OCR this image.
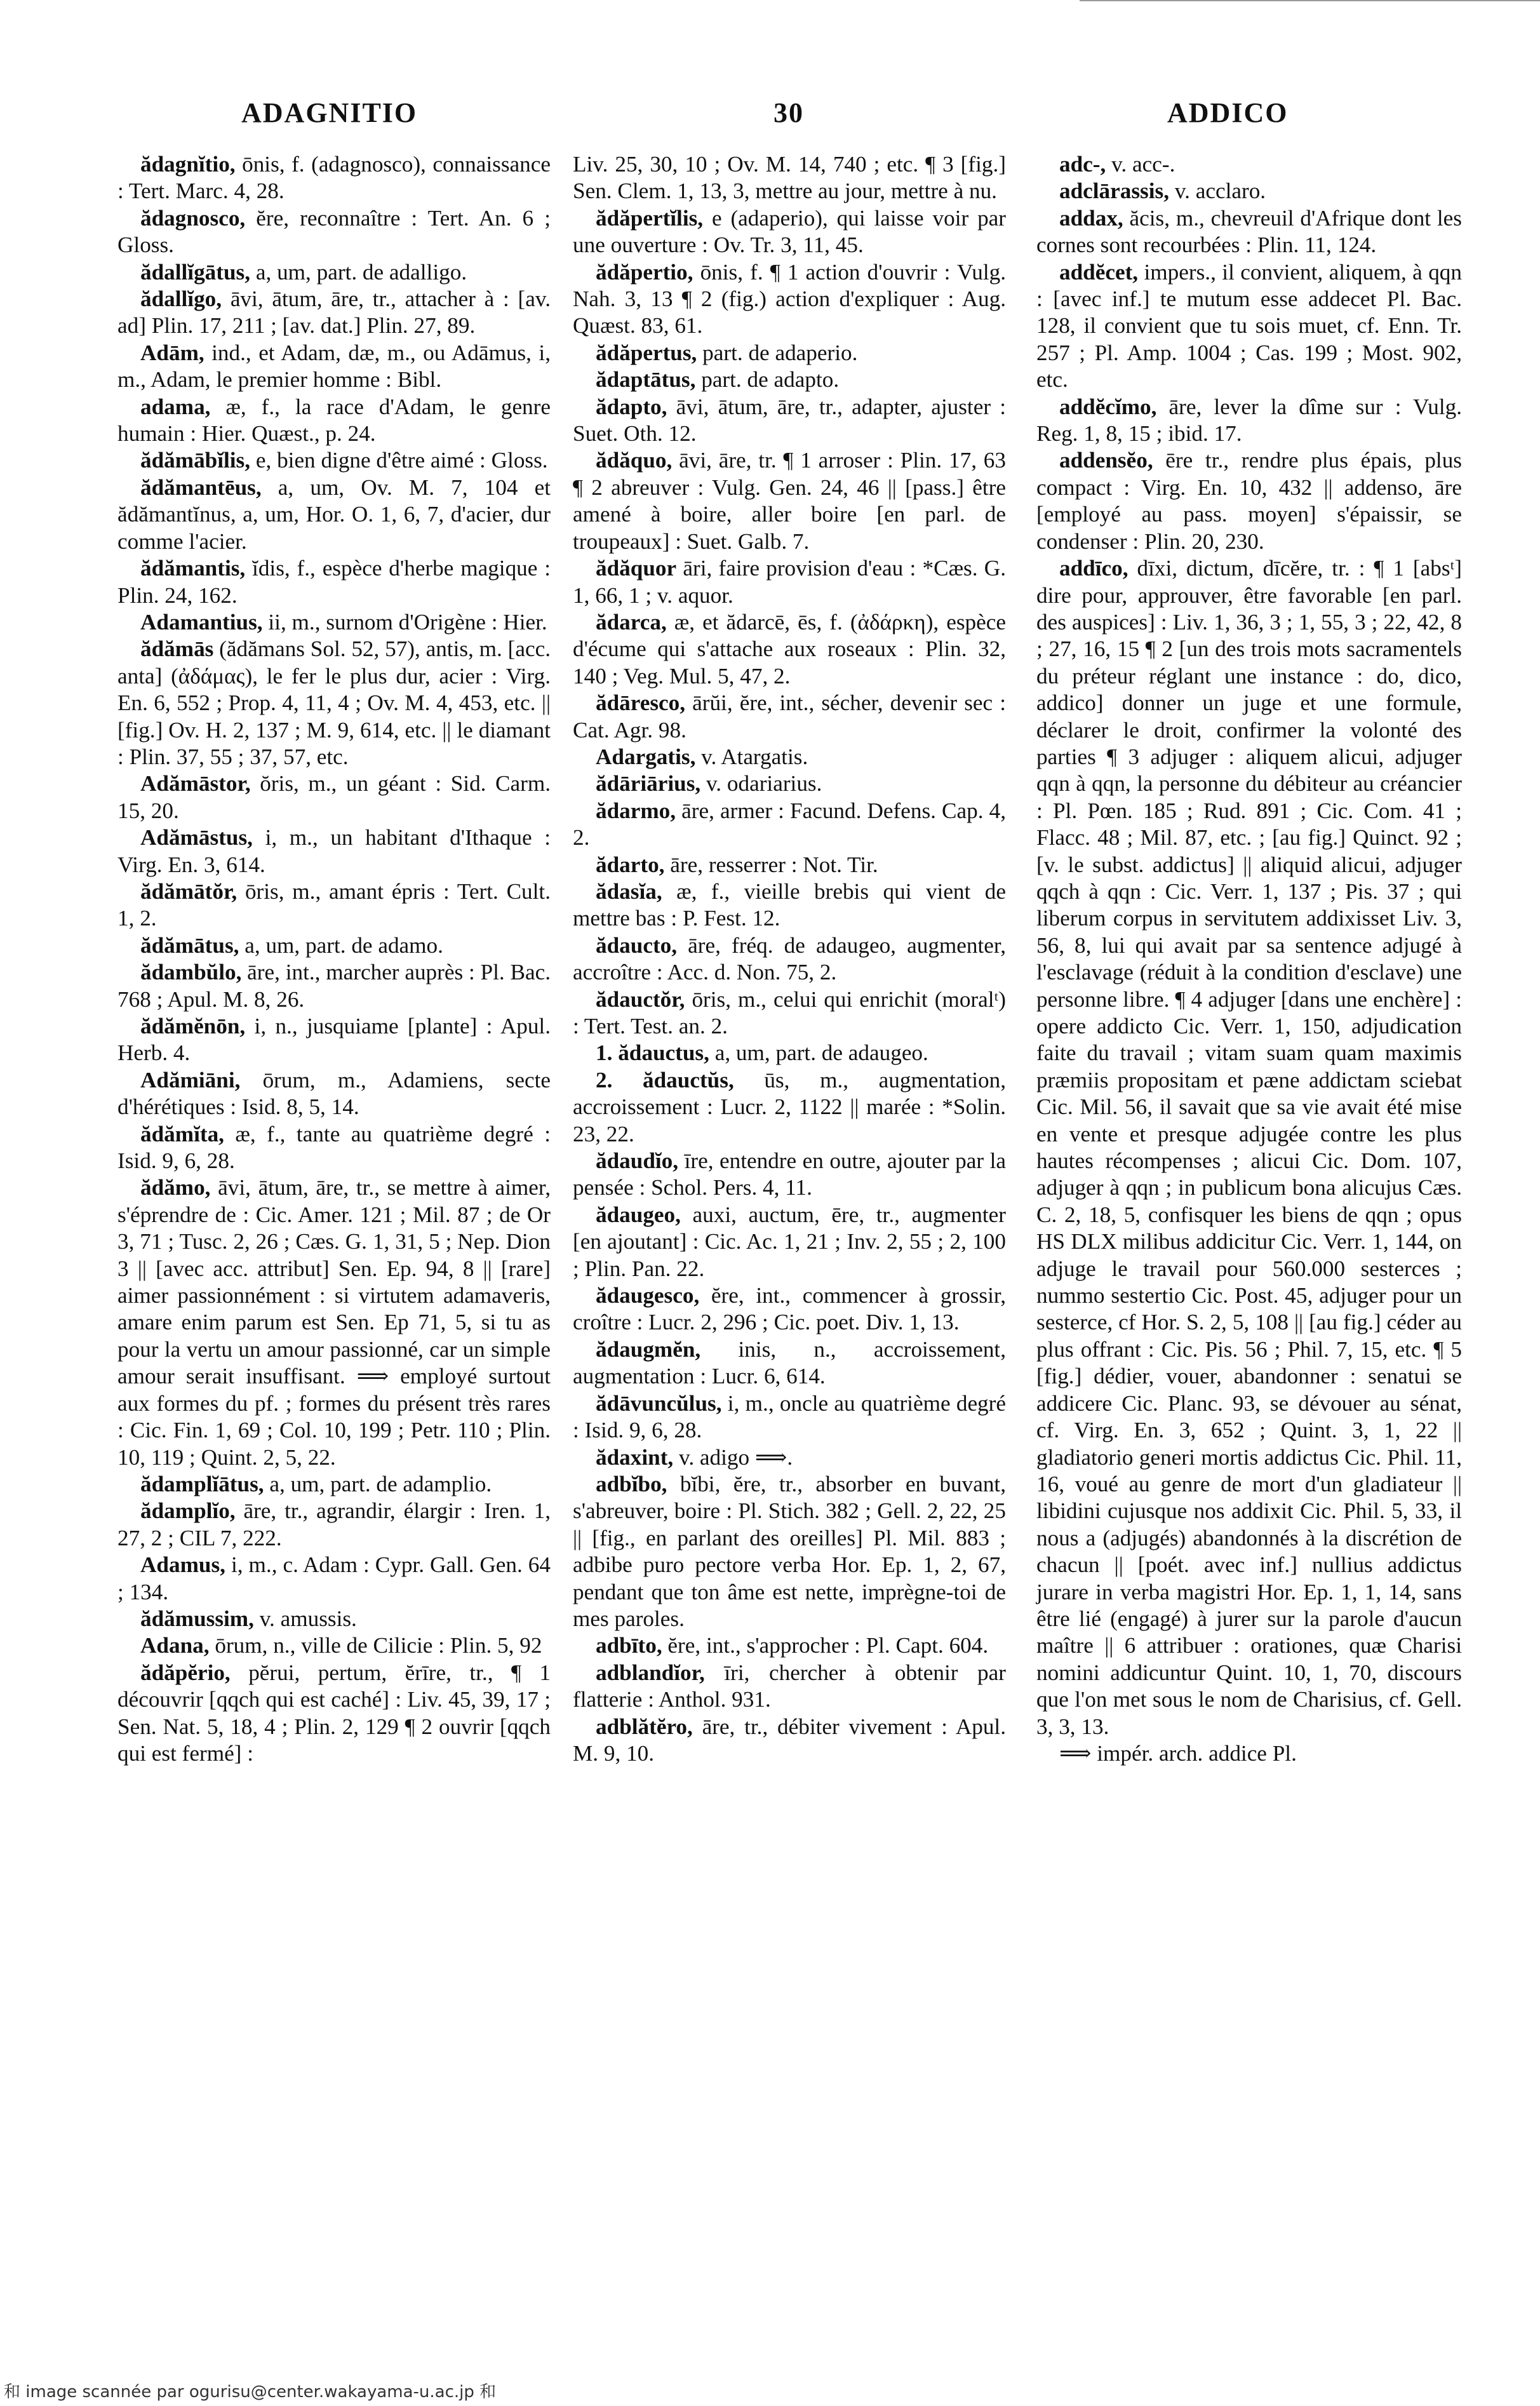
ADAGNITIO	30	ADDICO
ădagnĭtio, ōnis, f. (adagnosco), connaissance : Tert. Marc. 4, 28.
ădagnosco, ĕre, reconnaître : Tert. An. 6 ; Gloss.
ădallĭgātus, a, um, part. de adalligo.
ădallĭgo, āvi, ātum, āre, tr., attacher à : [av. ad] Plin. 17, 211 ; [av. dat.] Plin. 27, 89.
Adām, ind., et Adam, dæ, m., ou Adāmus, i, m., Adam, le premier homme : Bibl.
adama, æ, f., la race d'Adam, le genre humain : Hier. Quæst., p. 24.
ădămābĭlis, e, bien digne d'être aimé : Gloss.
ădămantēus, a, um, Ov. M. 7, 104 et ădămantĭnus, a, um, Hor. O. 1, 6, 7, d'acier, dur comme l'acier.
ădămantis, ĭdis, f., espèce d'herbe magique : Plin. 24, 162.
Adamantius, ii, m., surnom d'Origène : Hier.
ădămās (ădămans Sol. 52, 57), antis, m. [acc. anta] (ἀδάμας), le fer le plus dur, acier : Virg. En. 6, 552 ; Prop. 4, 11, 4 ; Ov. M. 4, 453, etc. || [fig.] Ov. H. 2, 137 ; M. 9, 614, etc. || le diamant : Plin. 37, 55 ; 37, 57, etc.
Adămāstor, ŏris, m., un géant : Sid. Carm. 15, 20.
Adămāstus, i, m., un habitant d'Ithaque : Virg. En. 3, 614.
ădămātŏr, ōris, m., amant épris : Tert. Cult. 1, 2.
ădămātus, a, um, part. de adamo.
ădambŭlo, āre, int., marcher auprès : Pl. Bac. 768 ; Apul. M. 8, 26.
ădămĕnōn, i, n., jusquiame [plante] : Apul. Herb. 4.
Adămiāni, ōrum, m., Adamiens, secte d'hérétiques : Isid. 8, 5, 14.
ădămĭta, æ, f., tante au quatrième degré : Isid. 9, 6, 28.
ădămo, āvi, ātum, āre, tr., se mettre à aimer, s'éprendre de : Cic. Amer. 121 ; Mil. 87 ; de Or 3, 71 ; Tusc. 2, 26 ; Cæs. G. 1, 31, 5 ; Nep. Dion 3 || [avec acc. attribut] Sen. Ep. 94, 8 || [rare] aimer passionnément : si virtutem adamaveris, amare enim parum est Sen. Ep 71, 5, si tu as pour la vertu un amour passionné, car un simple amour serait insuffisant. ⟹ employé surtout aux formes du pf. ; formes du présent très rares : Cic. Fin. 1, 69 ; Col. 10, 199 ; Petr. 110 ; Plin. 10, 119 ; Quint. 2, 5, 22.
ădamplĭātus, a, um, part. de adamplio.
ădamplĭo, āre, tr., agrandir, élargir : Iren. 1, 27, 2 ; CIL 7, 222.
Adamus, i, m., c. Adam : Cypr. Gall. Gen. 64 ; 134.
ădămussim, v. amussis.
Adana, ōrum, n., ville de Cilicie : Plin. 5, 92
ădăpĕrio, pĕrui, pertum, ĕrīre, tr., ¶ 1 découvrir [qqch qui est caché] : Liv. 45, 39, 17 ; Sen. Nat. 5, 18, 4 ; Plin. 2, 129 ¶ 2 ouvrir [qqch qui est fermé] :
Liv. 25, 30, 10 ; Ov. M. 14, 740 ; etc. ¶ 3 [fig.] Sen. Clem. 1, 13, 3, mettre au jour, mettre à nu.
ădăpertĭlis, e (adaperio), qui laisse voir par une ouverture : Ov. Tr. 3, 11, 45.
ădăpertio, ōnis, f. ¶ 1 action d'ouvrir : Vulg. Nah. 3, 13 ¶ 2 (fig.) action d'expliquer : Aug. Quæst. 83, 61.
ădăpertus, part. de adaperio.
ădaptātus, part. de adapto.
ădapto, āvi, ātum, āre, tr., adapter, ajuster : Suet. Oth. 12.
ădăquo, āvi, āre, tr. ¶ 1 arroser : Plin. 17, 63 ¶ 2 abreuver : Vulg. Gen. 24, 46 || [pass.] être amené à boire, aller boire [en parl. de troupeaux] : Suet. Galb. 7.
ădăquor āri, faire provision d'eau : *Cæs. G. 1, 66, 1 ; v. aquor.
ădarca, æ, et ădarcē, ēs, f. (ἀδάρκη), espèce d'écume qui s'attache aux roseaux : Plin. 32, 140 ; Veg. Mul. 5, 47, 2.
ădāresco, ārŭi, ĕre, int., sécher, devenir sec : Cat. Agr. 98.
Adargatis, v. Atargatis.
ădāriārius, v. odariarius.
ădarmo, āre, armer : Facund. Defens. Cap. 4, 2.
ădarto, āre, resserrer : Not. Tir.
ădasĭa, æ, f., vieille brebis qui vient de mettre bas : P. Fest. 12.
ădaucto, āre, fréq. de adaugeo, augmenter, accroître : Acc. d. Non. 75, 2.
ădauctŏr, ōris, m., celui qui enrichit (moralᵗ) : Tert. Test. an. 2.
1. ădauctus, a, um, part. de adaugeo.
2. ădauctŭs, ūs, m., augmentation, accroissement : Lucr. 2, 1122 || marée : *Solin. 23, 22.
ădaudĭo, īre, entendre en outre, ajouter par la pensée : Schol. Pers. 4, 11.
ădaugeo, auxi, auctum, ēre, tr., augmenter [en ajoutant] : Cic. Ac. 1, 21 ; Inv. 2, 55 ; 2, 100 ; Plin. Pan. 22.
ădaugesco, ĕre, int., commencer à grossir, croître : Lucr. 2, 296 ; Cic. poet. Div. 1, 13.
ădaugmĕn, inis, n., accroissement, augmentation : Lucr. 6, 614.
ădāvuncŭlus, i, m., oncle au quatrième degré : Isid. 9, 6, 28.
ădaxint, v. adigo ⟹.
adbĭbo, bĭbi, ĕre, tr., absorber en buvant, s'abreuver, boire : Pl. Stich. 382 ; Gell. 2, 22, 25 || [fig., en parlant des oreilles] Pl. Mil. 883 ; adbibe puro pectore verba Hor. Ep. 1, 2, 67, pendant que ton âme est nette, imprègne-toi de mes paroles.
adbīto, ĕre, int., s'approcher : Pl. Capt. 604.
adblandĭor, īri, chercher à obtenir par flatterie : Anthol. 931.
adblătĕro, āre, tr., débiter vivement : Apul. M. 9, 10.
adc-, v. acc-.
adclārassis, v. acclaro.
addax, ăcis, m., chevreuil d'Afrique dont les cornes sont recourbées : Plin. 11, 124.
addĕcet, impers., il convient, aliquem, à qqn : [avec inf.] te mutum esse addecet Pl. Bac. 128, il convient que tu sois muet, cf. Enn. Tr. 257 ; Pl. Amp. 1004 ; Cas. 199 ; Most. 902, etc.
addĕcĭmo, āre, lever la dîme sur : Vulg. Reg. 1, 8, 15 ; ibid. 17.
addensĕo, ēre tr., rendre plus épais, plus compact : Virg. En. 10, 432 || addenso, āre [employé au pass. moyen] s'épaissir, se condenser : Plin. 20, 230.
addīco, dīxi, dictum, dīcĕre, tr. : ¶ 1 [absᵗ] dire pour, approuver, être favorable [en parl. des auspices] : Liv. 1, 36, 3 ; 1, 55, 3 ; 22, 42, 8 ; 27, 16, 15 ¶ 2 [un des trois mots sacramentels du préteur réglant une instance : do, dico, addico] donner un juge et une formule, déclarer le droit, confirmer la volonté des parties ¶ 3 adjuger : aliquem alicui, adjuger qqn à qqn, la personne du débiteur au créancier : Pl. Pœn. 185 ; Rud. 891 ; Cic. Com. 41 ; Flacc. 48 ; Mil. 87, etc. ; [au fig.] Quinct. 92 ; [v. le subst. addictus] || aliquid alicui, adjuger qqch à qqn : Cic. Verr. 1, 137 ; Pis. 37 ; qui liberum corpus in servitutem addixisset Liv. 3, 56, 8, lui qui avait par sa sentence adjugé à l'esclavage (réduit à la condition d'esclave) une personne libre. ¶ 4 adjuger [dans une enchère] : opere addicto Cic. Verr. 1, 150, adjudication faite du travail ; vitam suam quam maximis præmiis propositam et pæne addictam sciebat Cic. Mil. 56, il savait que sa vie avait été mise en vente et presque adjugée contre les plus hautes récompenses ; alicui Cic. Dom. 107, adjuger à qqn ; in publicum bona alicujus Cæs. C. 2, 18, 5, confisquer les biens de qqn ; opus HS DLX milibus addicitur Cic. Verr. 1, 144, on adjuge le travail pour 560.000 sesterces ; nummo sestertio Cic. Post. 45, adjuger pour un sesterce, cf Hor. S. 2, 5, 108 || [au fig.] céder au plus offrant : Cic. Pis. 56 ; Phil. 7, 15, etc. ¶ 5 [fig.] dédier, vouer, abandonner : senatui se addicere Cic. Planc. 93, se dévouer au sénat, cf. Virg. En. 3, 652 ; Quint. 3, 1, 22 || gladiatorio generi mortis addictus Cic. Phil. 11, 16, voué au genre de mort d'un gladiateur || libidini cujusque nos addixit Cic. Phil. 5, 33, il nous a (adjugés) abandonnés à la discrétion de chacun || [poét. avec inf.] nullius addictus jurare in verba magistri Hor. Ep. 1, 1, 14, sans être lié (engagé) à jurer sur la parole d'aucun maître || 6 attribuer : orationes, quæ Charisi nomini addicuntur Quint. 10, 1, 70, discours que l'on met sous le nom de Charisius, cf. Gell. 3, 3, 13.
⟹ impér. arch. addice Pl.
和 image scannée par ogurisu@center.wakayama-u.ac.jp 和
